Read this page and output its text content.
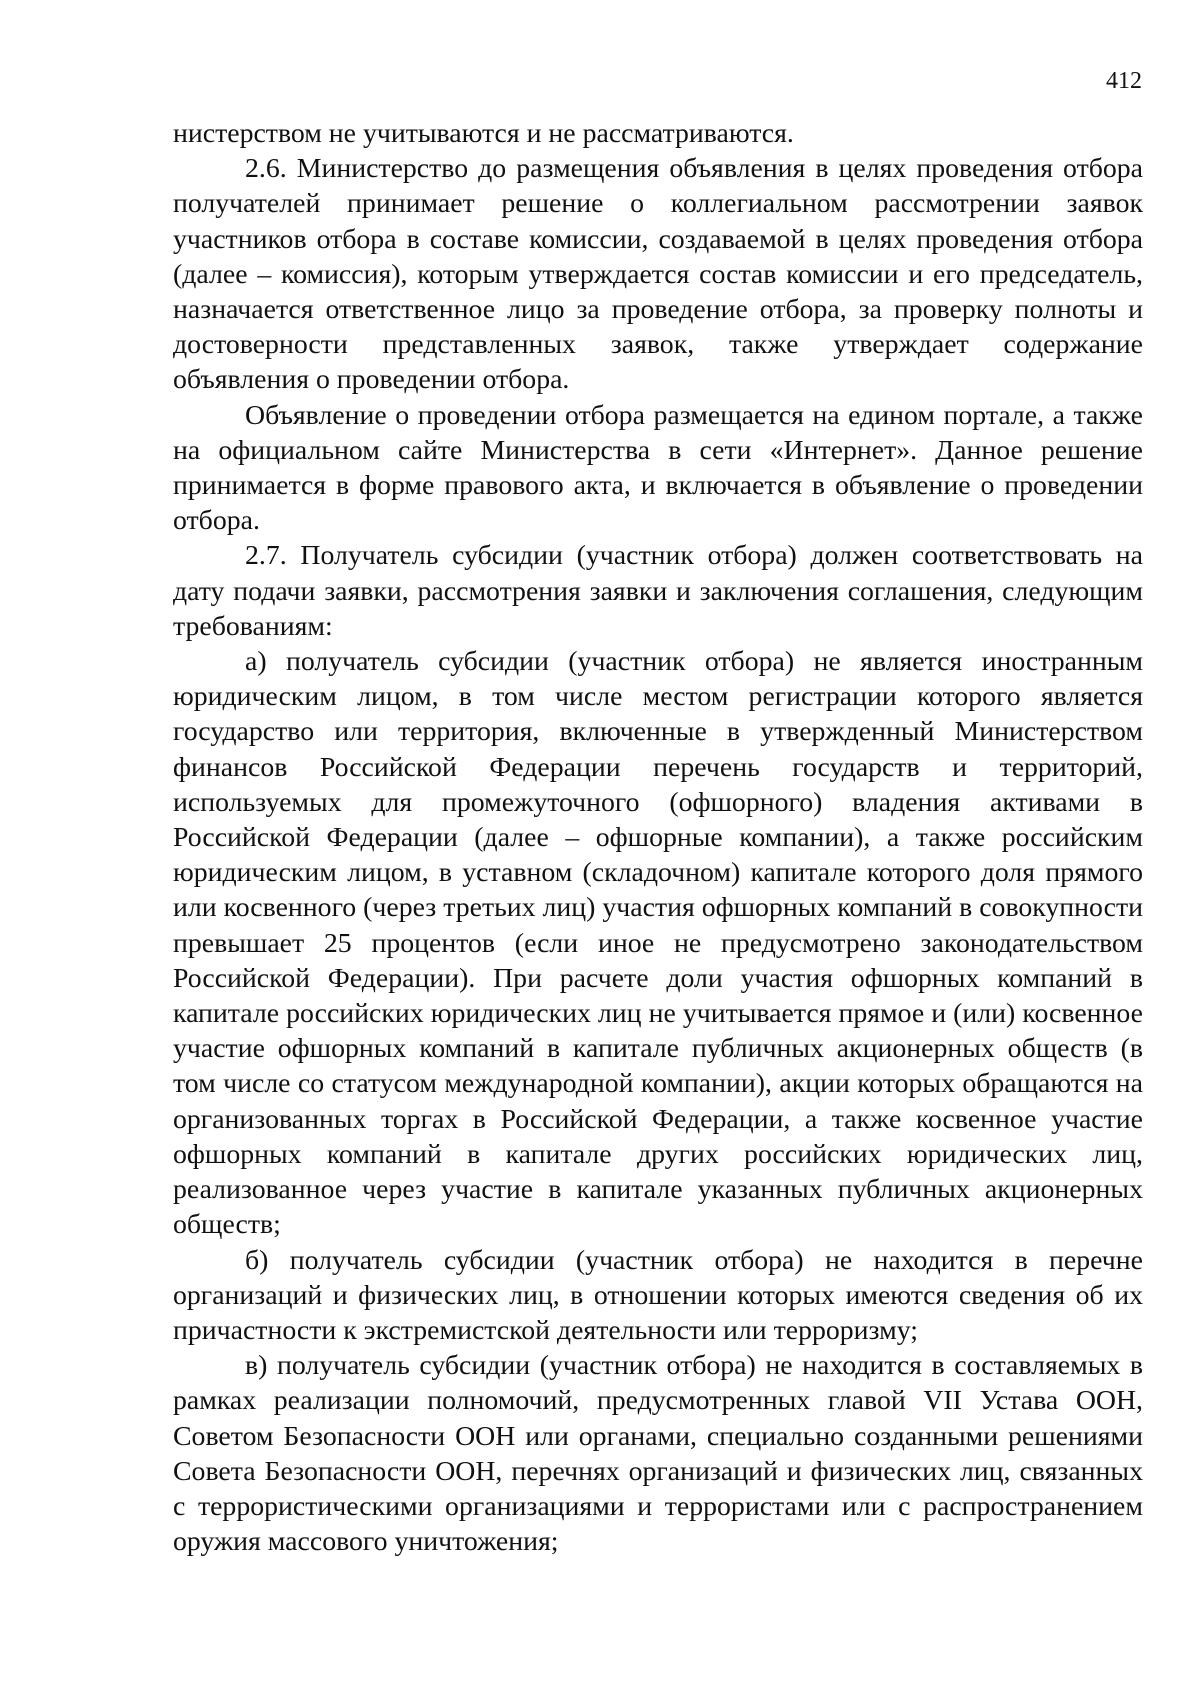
412

нистерством не учитываются и не рассматриваются.

2.6. Министерство до размещения объявления в целях проведения отбора получателей принимает решение о коллегиальном рассмотрении заявок участников отбора в составе комиссии, создаваемой в целях проведения отбора (далее – комиссия), которым утверждается состав комиссии и его председатель, назначается ответственное лицо за проведение отбора, за проверку полноты и достоверности представленных заявок, также утверждает содержание объявления о проведении отбора.

Объявление о проведении отбора размещается на едином портале, а также на официальном сайте Министерства в сети «Интернет». Данное решение принимается в форме правового акта, и включается в объявление о проведении отбора.

2.7. Получатель субсидии (участник отбора) должен соответствовать на дату подачи заявки, рассмотрения заявки и заключения соглашения, следующим требованиям:

а) получатель субсидии (участник отбора) не является иностранным юридическим лицом, в том числе местом регистрации которого является государство или территория, включенные в утвержденный Министерством финансов Российской Федерации перечень государств и территорий, используемых для промежуточного (офшорного) владения активами в Российской Федерации (далее – офшорные компании), а также российским юридическим лицом, в уставном (складочном) капитале которого доля прямого или косвенного (через третьих лиц) участия офшорных компаний в совокупности превышает 25 процентов (если иное не предусмотрено законодательством Российской Федерации). При расчете доли участия офшорных компаний в капитале российских юридических лиц не учитывается прямое и (или) косвенное участие офшорных компаний в капитале публичных акционерных обществ (в том числе со статусом международной компании), акции которых обращаются на организованных торгах в Российской Федерации, а также косвенное участие офшорных компаний в капитале других российских юридических лиц, реализованное через участие в капитале указанных публичных акционерных обществ;

б) получатель субсидии (участник отбора) не находится в перечне организаций и физических лиц, в отношении которых имеются сведения об их причастности к экстремистской деятельности или терроризму;

в) получатель субсидии (участник отбора) не находится в составляемых в рамках реализации полномочий, предусмотренных главой VII Устава ООН, Советом Безопасности ООН или органами, специально созданными решениями Совета Безопасности ООН, перечнях организаций и физических лиц, связанных с террористическими организациями и террористами или с распространением оружия массового уничтожения;
